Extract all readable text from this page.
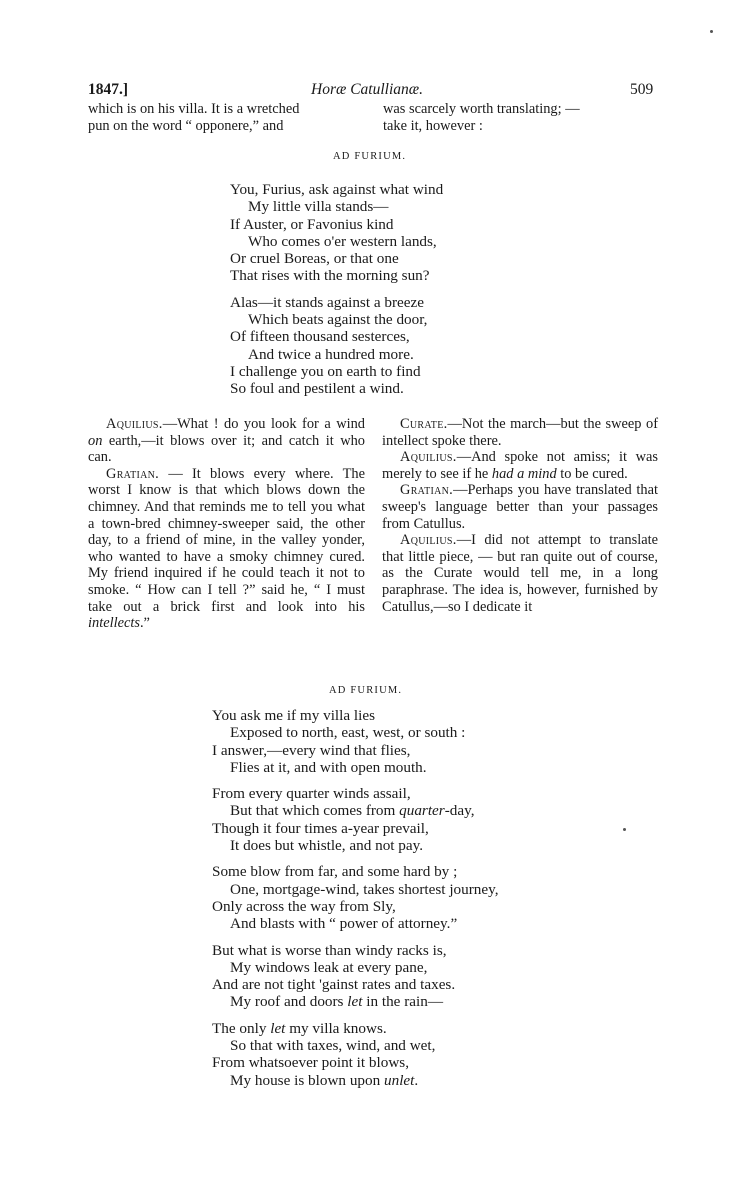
1847.]	Horæ Catullianæ.	509
which is on his villa. It is a wretched	was scarcely worth translating; —
pun on the word “ opponere,” and	take it, however :
AD FURIUM.
You, Furius, ask against what wind
My little villa stands—
If Auster, or Favonius kind
Who comes o'er western lands,
Or cruel Boreas, or that one
That rises with the morning sun?
Alas—it stands against a breeze
Which beats against the door,
Of fifteen thousand sesterces,
And twice a hundred more.
I challenge you on earth to find
So foul and pestilent a wind.

Aquilius.—What ! do you look for a wind on earth,—it blows over it; and catch it who can.

Gratian. — It blows every where. The worst I know is that which blows down the chimney. And that reminds me to tell you what a town-bred chimney-sweeper said, the other day, to a friend of mine, in the valley yonder, who wanted to have a smoky chimney cured. My friend inquired if he could teach it not to smoke. “ How can I tell ?” said he, “ I must take out a brick first and look into his intellects.”

Curate.—Not the march—but the sweep of intellect spoke there.

Aquilius.—And spoke not amiss; it was merely to see if he had a mind to be cured.

Gratian.—Perhaps you have translated that sweep's language better than your passages from Catullus.

Aquilius.—I did not attempt to translate that little piece, — but ran quite out of course, as the Curate would tell me, in a long paraphrase. The idea is, however, furnished by Catullus,—so I dedicate it

AD FURIUM.
You ask me if my villa lies
Exposed to north, east, west, or south :
I answer,—every wind that flies,
Flies at it, and with open mouth.
From every quarter winds assail,
But that which comes from quarter-day,
Though it four times a-year prevail,
It does but whistle, and not pay.
Some blow from far, and some hard by ;
One, mortgage-wind, takes shortest journey,
Only across the way from Sly,
And blasts with “ power of attorney.”
But what is worse than windy racks is,
My windows leak at every pane,
And are not tight 'gainst rates and taxes.
My roof and doors let in the rain—
The only let my villa knows.
So that with taxes, wind, and wet,
From whatsoever point it blows,
My house is blown upon unlet.
